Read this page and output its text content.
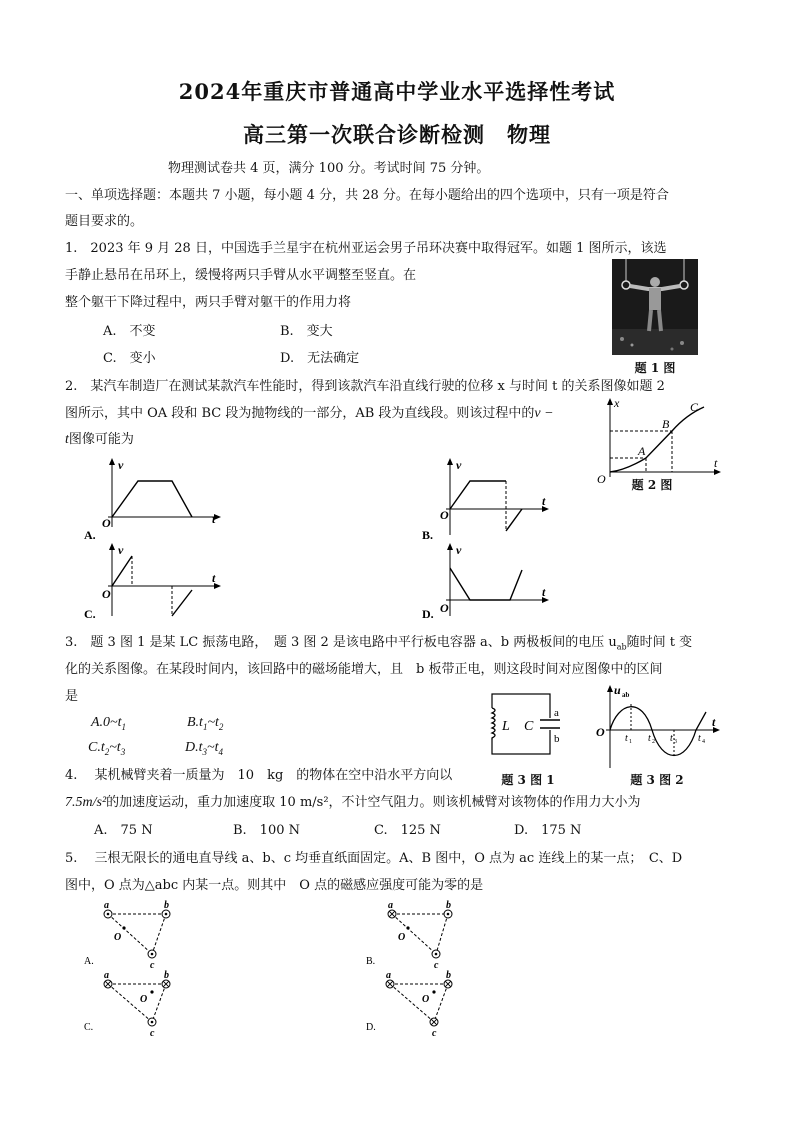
2024年重庆市普通高中学业水平选择性考试
高三第一次联合诊断检测　物理
物理测试卷共 4 页，满分 100 分。考试时间 75 分钟。
一、单项选择题：本题共 7 小题，每小题 4 分，共 28 分。在每小题给出的四个选项中，只有一项是符合
题目要求的。
1.　2023 年 9 月 28 日，中国选手兰星宇在杭州亚运会男子吊环决赛中取得冠军。如题 1 图所示，该选
手静止悬吊在吊环上，缓慢将两只手臂从水平调整至竖直。在
整个躯干下降过程中，两只手臂对躯干的作用力将
A.　不变	B.　变大
C.　变小	D.　无法确定
题 1 图
2.　某汽车制造厂在测试某款汽车性能时，得到该款汽车沿直线行驶的位移 x 与时间 t 的关系图像如题 2
图所示，其中 OA 段和 BC 段为抛物线的一部分，AB 段为直线段。则该过程中的v −
t图像可能为
x
t
O
A
B
C
题 2 图
v
t
O
A.
v
t
O
B.
v
t
O
C.
v
t
O
D.
3.　题 3 图 1 是某 LC 振荡电路，　题 3 图 2 是该电路中平行板电容器 a、b 两极板间的电压 $u_{ab}$随时间 t 变
化的关系图像。在某段时间内，该回路中的磁场能增大，且　b 板带正电，则这段时间对应图像中的区间
是
$A.0\sim t_1$	$B.t_1\sim t_2$
$C.t_2\sim t_3$	$D.t_3\sim t_4$
L C
a
b
题 3 图 1
u ab
t
O t 1 t 2 t 3 t 4
题 3 图 2
4.　 某机械臂夹着一质量为　10　kg　的物体在空中沿水平方向以
7.5m/s²的加速度运动，重力加速度取 10 m/s²，不计空气阻力。则该机械臂对该物体的作用力大小为
A.　75 N	B.　100 N	C.　125 N	D.　175 N
5.　 三根无限长的通电直导线 a、b、c 均垂直纸面固定。A、B 图中，O 点为 ac 连线上的某一点；　C、D
图中，O 点为△abc 内某一点。则其中　O 点的磁感应强度可能为零的是
a	b
c
O
A.
a	b
c
O
B.
a	b
c
O
C.
a	b
c
O
D.
